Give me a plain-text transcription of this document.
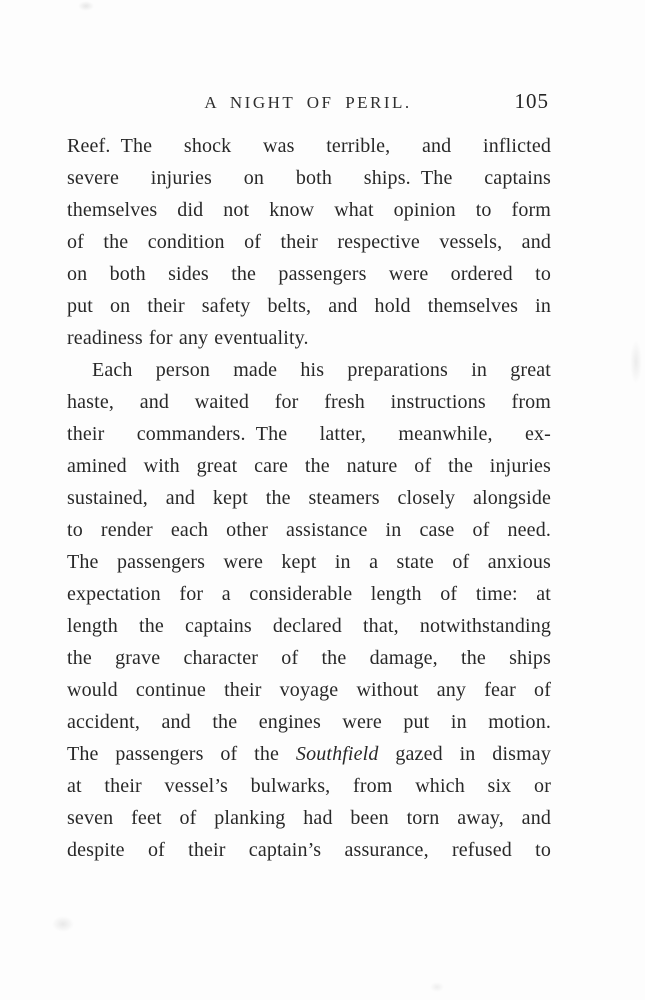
A NIGHT OF PERIL.	105
Reef. The shock was terrible, and inflicted
severe injuries on both ships. The captains
themselves did not know what opinion to form
of the condition of their respective vessels, and
on both sides the passengers were ordered to
put on their safety belts, and hold themselves in
readiness for any eventuality.
Each person made his preparations in great
haste, and waited for fresh instructions from
their commanders. The latter, meanwhile, ex-
amined with great care the nature of the injuries
sustained, and kept the steamers closely alongside
to render each other assistance in case of need.
The passengers were kept in a state of anxious
expectation for a considerable length of time: at
length the captains declared that, notwithstanding
the grave character of the damage, the ships
would continue their voyage without any fear of
accident, and the engines were put in motion.
The passengers of the Southfield gazed in dismay
at their vessel’s bulwarks, from which six or
seven feet of planking had been torn away, and
despite of their captain’s assurance, refused to
